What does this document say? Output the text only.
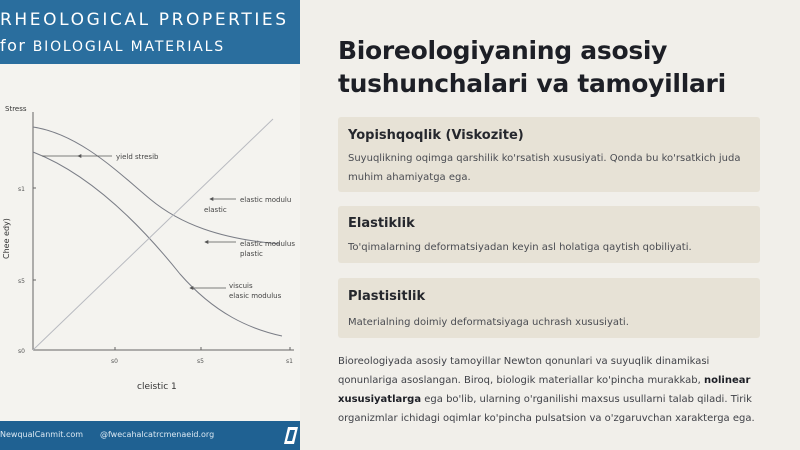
RHEOLOGICAL PROPERTIES
for BIOLOGIAL MATERIALS
Stress
Chee edy)
s1
s5
s0
s0	s5	s1
cleistic 1
yield stresib
elastic modulu
elastic
elastic modulus
plastic
viscuis
elasic modulus
NewqualCanmit.com @fwecahalcatrcmenaeid.org
Bioreologiyaning asosiy
tushunchalari va tamoyillari
Yopishqoqlik (Viskozite)
Suyuqlikning oqimga qarshilik ko'rsatish xususiyati. Qonda bu ko'rsatkich juda muhim ahamiyatga ega.
Elastiklik
To'qimalarning deformatsiyadan keyin asl holatiga qaytish qobiliyati.
Plastisitlik
Materialning doimiy deformatsiyaga uchrash xususiyati.

Bioreologiyada asosiy tamoyillar Newton qonunlari va suyuqlik dinamikasi qonunlariga asoslangan. Biroq, biologik materiallar ko'pincha murakkab, nolinear xususiyatlarga ega bo'lib, ularning o'rganilishi maxsus usullarni talab qiladi. Tirik organizmlar ichidagi oqimlar ko'pincha pulsatsion va o'zgaruvchan xarakterga ega.
